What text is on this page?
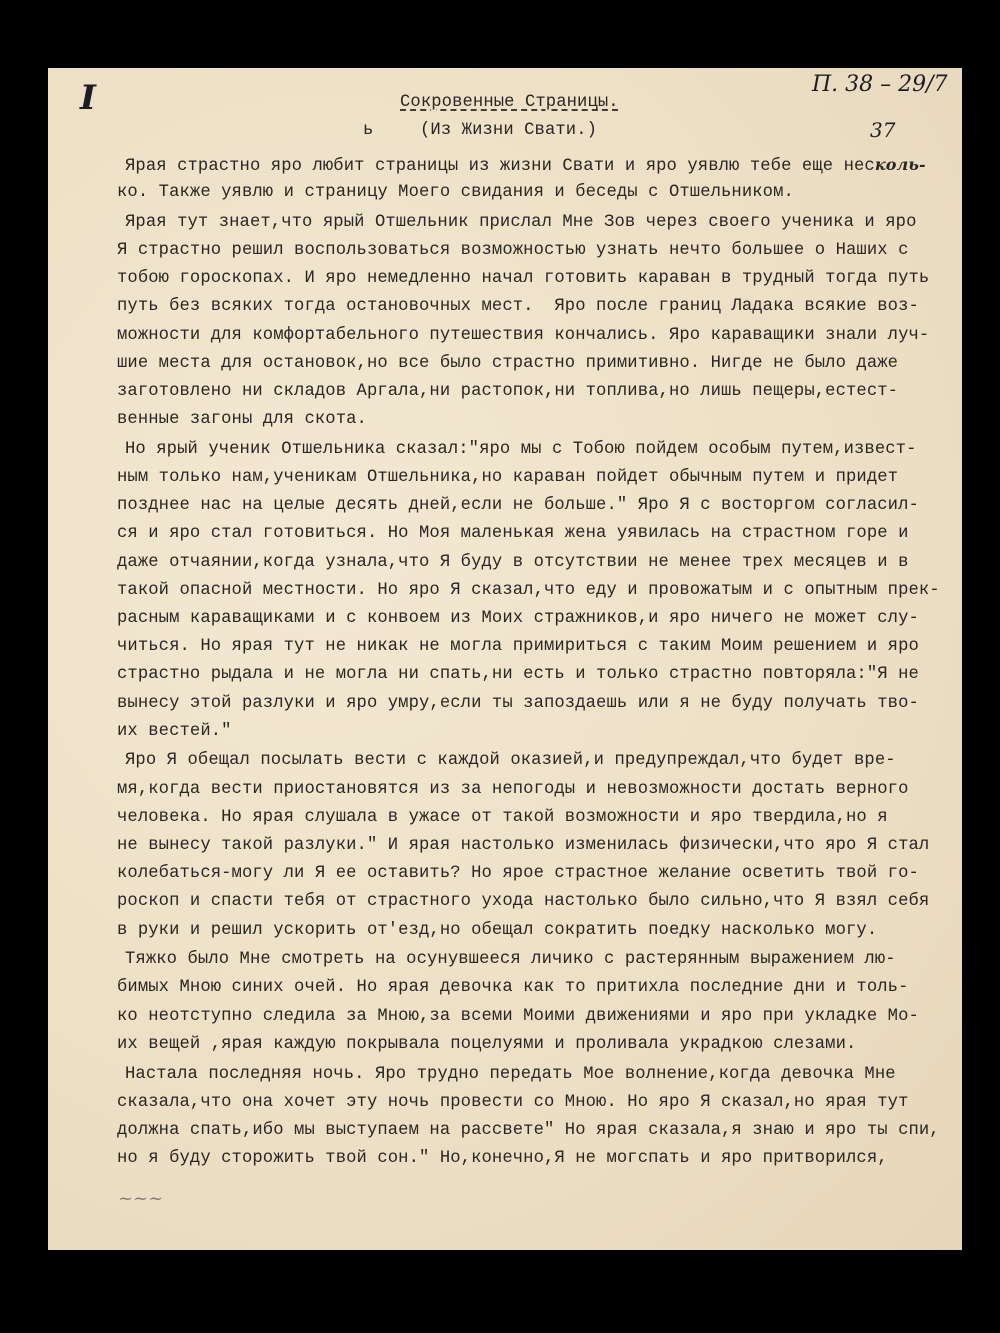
I	П. 38 – 29/7
37
Сокровенные Страницы.
ь	(Из Жизни Свати.)
Ярая страстно яро любит страницы из жизни Свати и яро уявлю тебе еще несколь-
ко. Также уявлю и страницу Моего свидания и беседы с Отшельником.
Ярая тут знает,что ярый Отшельник прислал Мне Зов через своего ученика и яро
Я страстно решил воспользоваться возможностью узнать нечто большее о Наших с
тобою гороскопах. И яро немедленно начал готовить караван в трудный тогда путь
путь без всяких тогда остановочных мест.  Яро после границ Ладака всякие воз-
можности для комфортабельного путешествия кончались. Яро караващики знали луч-
шие места для остановок,но все было страстно примитивно. Нигде не было даже
заготовлено ни складов Аргала,ни растопок,ни топлива,но лишь пещеры,естест-
венные загоны для скота.
Но ярый ученик Отшельника сказал:"яро мы с Тобою пойдем особым путем,извест-
ным только нам,ученикам Отшельника,но караван пойдет обычным путем и придет
позднее нас на целые десять дней,если не больше." Яро Я с восторгом согласил-
ся и яро стал готовиться. Но Моя маленькая жена уявилась на страстном горе и
даже отчаянии,когда узнала,что Я буду в отсутствии не менее трех месяцев и в
такой опасной местности. Но яро Я сказал,что еду и провожатым и с опытным прек-
расным караващиками и с конвоем из Моих стражников,и яро ничего не может слу-
читься. Но ярая тут не никак не могла примириться с таким Моим решением и яро
страстно рыдала и не могла ни спать,ни есть и только страстно повторяла:"Я не
вынесу этой разлуки и яро умру,если ты запоздаешь или я не буду получать тво-
их вестей."
Яро Я обещал посылать вести с каждой оказией,и предупреждал,что будет вре-
мя,когда вести приостановятся из за непогоды и невозможности достать верного
человека. Но ярая слушала в ужасе от такой возможности и яро твердила,но я
не вынесу такой разлуки." И ярая настолько изменилась физически,что яро Я стал
колебаться-могу ли Я ее оставить? Но ярое страстное желание осветить твой го-
роскоп и спасти тебя от страстного ухода настолько было сильно,что Я взял себя
в руки и решил ускорить от'езд,но обещал сократить поедку насколько могу.
Тяжко было Мне смотреть на осунувшееся личико с растерянным выражением лю-
бимых Мною синих очей. Но ярая девочка как то притихла последние дни и толь-
ко неотступно следила за Мною,за всеми Моими движениями и яро при укладке Мо-
их вещей ,ярая каждую покрывала поцелуями и проливала украдкою слезами.
Настала последняя ночь. Яро трудно передать Мое волнение,когда девочка Мне
сказала,что она хочет эту ночь провести со Мною. Но яро Я сказал,но ярая тут
должна спать,ибо мы выступаем на рассвете" Но ярая сказала,я знаю и яро ты спи,
но я буду сторожить твой сон." Но,конечно,Я не могспать и яро притворился,
~~~
